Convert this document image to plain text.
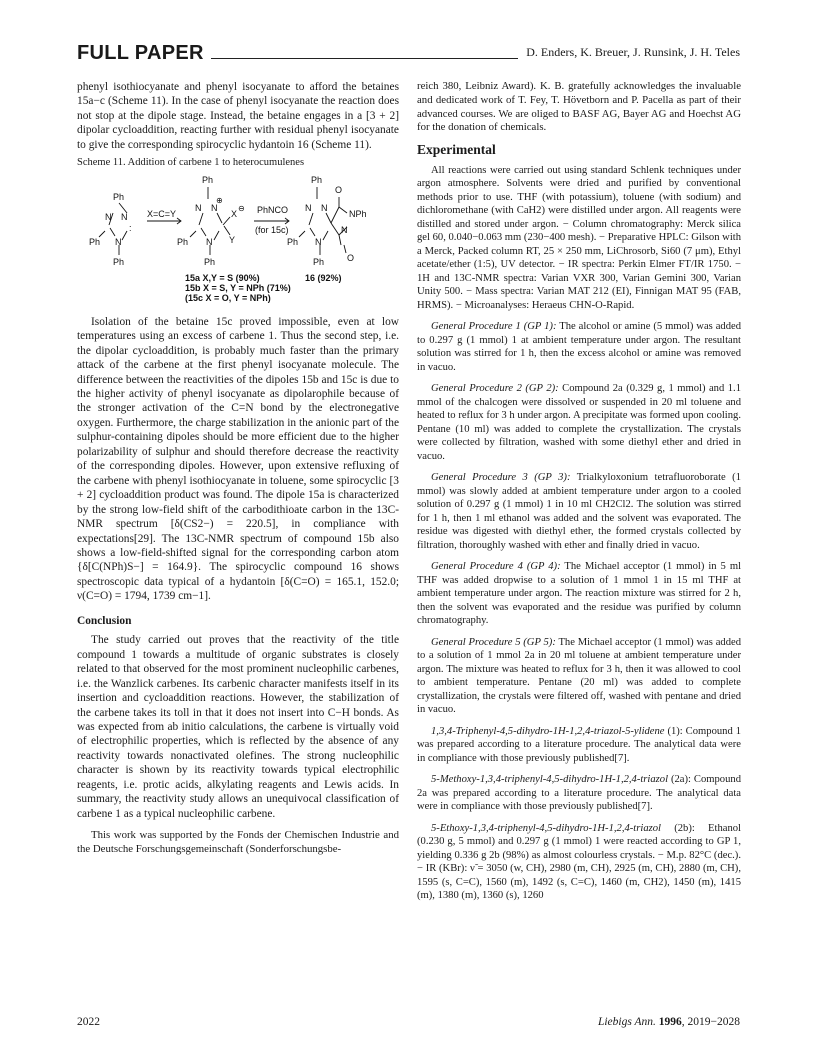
FULL PAPER	D. Enders, K. Breuer, J. Runsink, J. H. Teles

phenyl isothiocyanate and phenyl isocyanate to afford the betaines 15a−c (Scheme 11). In the case of phenyl isocyanate the reaction does not stop at the dipole stage. Instead, the betaine engages in a [3 + 2] dipolar cycloaddition, reacting further with residual phenyl isocyanate to give the corresponding spirocyclic hydantoin 16 (Scheme 11).

Scheme 11. Addition of carbene 1 to heterocumulenes
Ph
N N
:
N
Ph
Ph
X=C=Y
Ph
N N
⊕
X
⊖
N
Ph	Y
Ph
PhNCO
(for 15c)
Ph
O
N N
NPh
N
Ph
N
O
Ph
15a X,Y = S (90%)
15b X = S, Y = NPh (71%)
(15c X = O, Y = NPh)
16 (92%)

Isolation of the betaine 15c proved impossible, even at low temperatures using an excess of carbene 1. Thus the second step, i.e. the dipolar cycloaddition, is probably much faster than the primary attack of the carbene at the first phenyl isocyanate molecule. The difference between the reactivities of the dipoles 15b and 15c is due to the higher activity of phenyl isocyanate as dipolarophile because of the stronger activation of the C=N bond by the electronegative oxygen. Furthermore, the charge stabilization in the anionic part of the sulphur-containing dipoles should be more efficient due to the higher polarizability of sulphur and should therefore decrease the reactivity of the corresponding dipoles. However, upon extensive refluxing of the carbene with phenyl isothiocyanate in toluene, some spirocyclic [3 + 2] cycloaddition product was found. The dipole 15a is characterized by the strong low-field shift of the carbodithioate carbon in the 13C-NMR spectrum [δ(CS2−) = 220.5], in compliance with expectations[29]. The 13C-NMR spectrum of compound 15b also shows a low-field-shifted signal for the corresponding carbon atom {δ[C(NPh)S−] = 164.9}. The spirocyclic compound 16 shows spectroscopic data typical of a hydantoin [δ(C=O) = 165.1, 152.0; ν(C=O) = 1794, 1739 cm−1].

Conclusion

The study carried out proves that the reactivity of the title compound 1 towards a multitude of organic substrates is closely related to that observed for the most prominent nucleophilic carbenes, i.e. the Wanzlick carbenes. Its carbenic character manifests itself in its insertion and cycloaddition reactions. However, the stabilization of the carbene takes its toll in that it does not insert into C−H bonds. As was expected from ab initio calculations, the carbene is virtually void of electrophilic properties, which is reflected by the absence of any reactivity towards nonactivated olefines. The strong nucleophilic character is shown by its reactivity towards typical electrophilic reagents, i.e. protic acids, alkylating reagents and Lewis acids. In summary, the reactivity study allows an unequivocal classification of carbene 1 as a typical nucleophilic carbene.

This work was supported by the Fonds der Chemischen Industrie and the Deutsche Forschungsgemeinschaft (Sonderforschungsbe-

reich 380, Leibniz Award). K. B. gratefully acknowledges the invaluable and dedicated work of T. Fey, T. Hövetborn and P. Pacella as part of their advanced courses. We are oliged to BASF AG, Bayer AG and Hoechst AG for the donation of chemicals.

Experimental

All reactions were carried out using standard Schlenk techniques under argon atmosphere. Solvents were dried and purified by conventional methods prior to use. THF (with potassium), toluene (with sodium) and dichloromethane (with CaH2) were distilled under argon. All reagents were distilled and stored under argon. − Column chromatography: Merck silica gel 60, 0.040−0.063 mm (230−400 mesh). − Preparative HPLC: Gilson with a Merck, Packed column RT, 25 × 250 mm, LiChrosorb, Si60 (7 μm), Ethyl acetate/ether (1:5), UV detector. − IR spectra: Perkin Elmer FT/IR 1750. − 1H and 13C-NMR spectra: Varian VXR 300, Varian Gemini 300, Varian Unity 500. − Mass spectra: Varian MAT 212 (EI), Finnigan MAT 95 (FAB, HRMS). − Microanalyses: Heraeus CHN-O-Rapid.

General Procedure 1 (GP 1): The alcohol or amine (5 mmol) was added to 0.297 g (1 mmol) 1 at ambient temperature under argon. The resultant solution was stirred for 1 h, then the excess alcohol or amine was removed in vacuo.

General Procedure 2 (GP 2): Compound 2a (0.329 g, 1 mmol) and 1.1 mmol of the chalcogen were dissolved or suspended in 20 ml toluene and heated to reflux for 3 h under argon. A precipitate was formed upon cooling. Pentane (10 ml) was added to complete the crystallization. The crystals were collected by filtration, washed with some diethyl ether and dried in vacuo.

General Procedure 3 (GP 3): Trialkyloxonium tetrafluoroborate (1 mmol) was slowly added at ambient temperature under argon to a cooled solution of 0.297 g (1 mmol) 1 in 10 ml CH2Cl2. The solution was stirred for 1 h, then 1 ml ethanol was added and the solvent was evaporated. The residue was digested with diethyl ether, the formed crystals collected by filtration, thoroughly washed with ether and finally dried in vacuo.

General Procedure 4 (GP 4): The Michael acceptor (1 mmol) in 5 ml THF was added dropwise to a solution of 1 mmol 1 in 15 ml THF at ambient temperature under argon. The reaction mixture was stirred for 2 h, then the solvent was evaporated and the residue was purified by column chromatography.

General Procedure 5 (GP 5): The Michael acceptor (1 mmol) was added to a solution of 1 mmol 2a in 20 ml toluene at ambient temperature under argon. The mixture was heated to reflux for 3 h, then it was allowed to cool to ambient temperature. Pentane (20 ml) was added to complete crystallization, the crystals were filtered off, washed with pentane and dried in vacuo.

1,3,4-Triphenyl-4,5-dihydro-1H-1,2,4-triazol-5-ylidene (1): Compound 1 was prepared according to a literature procedure. The analytical data were in compliance with those previously published[7].

5-Methoxy-1,3,4-triphenyl-4,5-dihydro-1H-1,2,4-triazol (2a): Compound 2a was prepared according to a literature procedure. The analytical data were in compliance with those previously published[7].

5-Ethoxy-1,3,4-triphenyl-4,5-dihydro-1H-1,2,4-triazol (2b): Ethanol (0.230 g, 5 mmol) and 0.297 g (1 mmol) 1 were reacted according to GP 1, yielding 0.336 g 2b (98%) as almost colourless crystals. − M.p. 82°C (dec.). − IR (KBr): ν̃ = 3050 (w, CH), 2980 (m, CH), 2925 (m, CH), 2880 (m, CH), 1595 (s, C=C), 1560 (m), 1492 (s, C=C), 1460 (m, CH2), 1450 (m), 1415 (m), 1380 (m), 1360 (s), 1260

2022	Liebigs Ann. 1996, 2019−2028
